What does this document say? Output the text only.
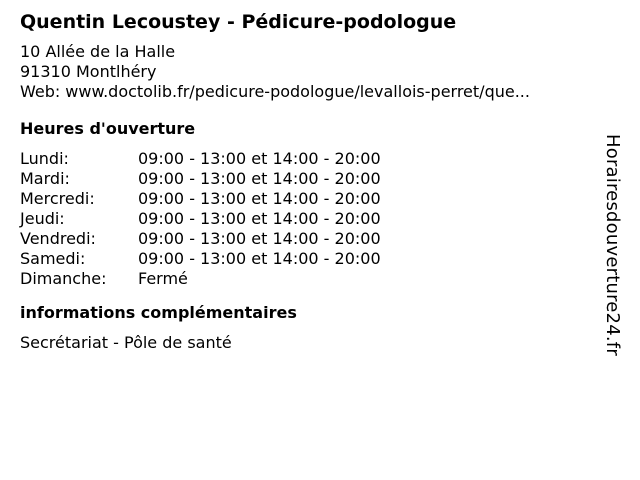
Quentin Lecoustey - Pédicure-podologue
10 Allée de la Halle
91310 Montlhéry
Web: www.doctolib.fr/pedicure-podologue/levallois-perret/que...
Heures d'ouverture
Lundi:	09:00 - 13:00 et 14:00 - 20:00
Mardi:	09:00 - 13:00 et 14:00 - 20:00
Mercredi:	09:00 - 13:00 et 14:00 - 20:00
Jeudi:	09:00 - 13:00 et 14:00 - 20:00
Vendredi:	09:00 - 13:00 et 14:00 - 20:00
Samedi:	09:00 - 13:00 et 14:00 - 20:00
Dimanche:	Fermé
informations complémentaires
Secrétariat - Pôle de santé	Horairesdouverture24.fr
